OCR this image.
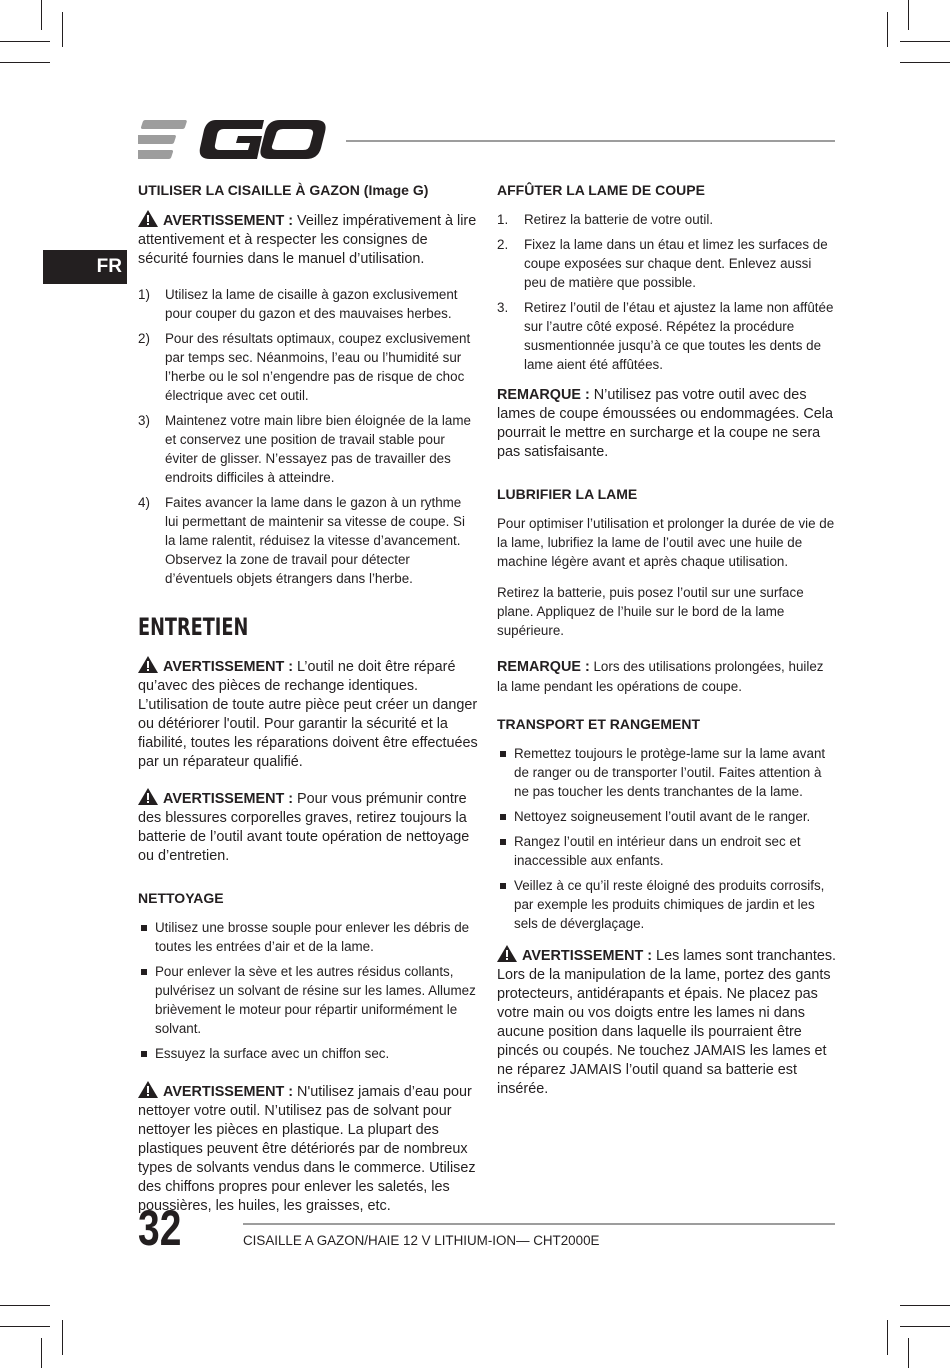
FR
UTILISER LA CISAILLE À GAZON (Image G)
AVERTISSEMENT : Veillez impérativement à lire attentivement et à respecter les consignes de sécurité fournies dans le manuel d’utilisation.
1) Utilisez la lame de cisaille à gazon exclusivement pour couper du gazon et des mauvaises herbes.
2) Pour des résultats optimaux, coupez exclusivement par temps sec. Néanmoins, l’eau ou l’humidité sur l’herbe ou le sol n’engendre pas de risque de choc électrique avec cet outil.
3) Maintenez votre main libre bien éloignée de la lame et conservez une position de travail stable pour éviter de glisser. N’essayez pas de travailler des endroits difficiles à atteindre.
4) Faites avancer la lame dans le gazon à un rythme lui permettant de maintenir sa vitesse de coupe. Si la lame ralentit, réduisez la vitesse d’avancement. Observez la zone de travail pour détecter d’éventuels objets étrangers dans l’herbe.
ENTRETIEN
AVERTISSEMENT : L’outil ne doit être réparé qu’avec des pièces de rechange identiques. L’utilisation de toute autre pièce peut créer un danger ou détériorer l'outil. Pour garantir la sécurité et la fiabilité, toutes les réparations doivent être effectuées par un réparateur qualifié.
AVERTISSEMENT : Pour vous prémunir contre des blessures corporelles graves, retirez toujours la batterie de l’outil avant toute opération de nettoyage ou d’entretien.
NETTOYAGE
Utilisez une brosse souple pour enlever les débris de toutes les entrées d’air et de la lame.
Pour enlever la sève et les autres résidus collants, pulvérisez un solvant de résine sur les lames. Allumez brièvement le moteur pour répartir uniformément le solvant.
Essuyez la surface avec un chiffon sec.
AVERTISSEMENT : N'utilisez jamais d’eau pour nettoyer votre outil. N’utilisez pas de solvant pour nettoyer les pièces en plastique. La plupart des plastiques peuvent être détériorés par de nombreux types de solvants vendus dans le commerce. Utilisez des chiffons propres pour enlever les saletés, les poussières, les huiles, les graisses, etc.
AFFÛTER LA LAME DE COUPE
1. Retirez la batterie de votre outil.
2. Fixez la lame dans un étau et limez les surfaces de coupe exposées sur chaque dent. Enlevez aussi peu de matière que possible.
3. Retirez l’outil de l’étau et ajustez la lame non affûtée sur l’autre côté exposé. Répétez la procédure susmentionnée jusqu’à ce que toutes les dents de lame aient été affûtées.
REMARQUE : N’utilisez pas votre outil avec des lames de coupe émoussées ou endommagées. Cela pourrait le mettre en surcharge et la coupe ne sera pas satisfaisante.
LUBRIFIER LA LAME
Pour optimiser l’utilisation et prolonger la durée de vie de la lame, lubrifiez la lame de l’outil avec une huile de machine légère avant et après chaque utilisation.
Retirez la batterie, puis posez l’outil sur une surface plane. Appliquez de l’huile sur le bord de la lame supérieure.
REMARQUE : Lors des utilisations prolongées, huilez la lame pendant les opérations de coupe.
TRANSPORT ET RANGEMENT
Remettez toujours le protège-lame sur la lame avant de ranger ou de transporter l’outil. Faites attention à ne pas toucher les dents tranchantes de la lame.
Nettoyez soigneusement l’outil avant de le ranger.
Rangez l’outil en intérieur dans un endroit sec et inaccessible aux enfants.
Veillez à ce qu’il reste éloigné des produits corrosifs, par exemple les produits chimiques de jardin et les sels de déverglaçage.
AVERTISSEMENT : Les lames sont tranchantes. Lors de la manipulation de la lame, portez des gants protecteurs, antidérapants et épais. Ne placez pas votre main ou vos doigts entre les lames ni dans aucune position dans laquelle ils pourraient être pincés ou coupés. Ne touchez JAMAIS les lames et ne réparez JAMAIS l’outil quand sa batterie est insérée.
32	CISAILLE A GAZON/HAIE 12 V LITHIUM-ION— CHT2000E
